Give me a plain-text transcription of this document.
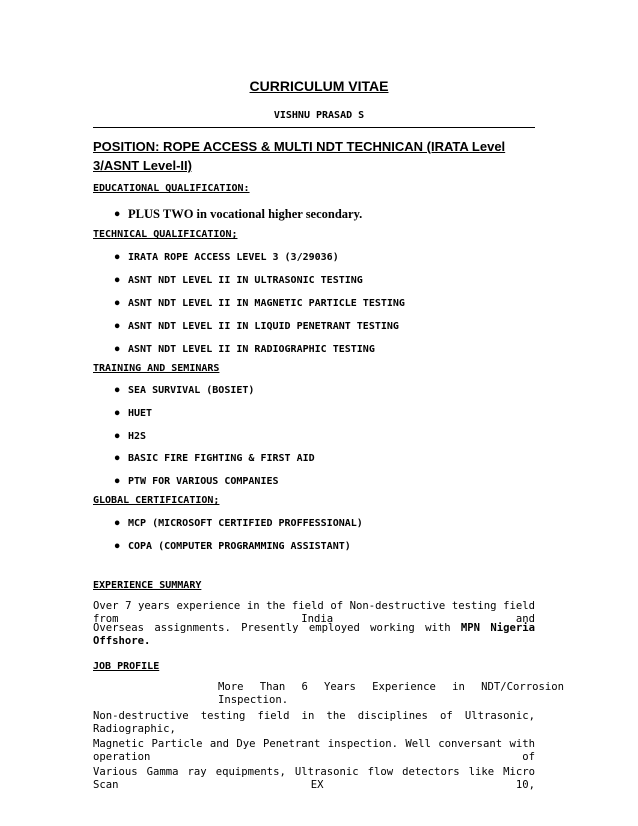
CURRICULUM VITAE
VISHNU PRASAD S
POSITION: ROPE ACCESS & MULTI NDT TECHNICAN (IRATA Level
3/ASNT Level-II)
EDUCATIONAL QUALIFICATION:
• PLUS TWO in vocational higher secondary.
TECHNICAL QUALIFICATION;
• IRATA ROPE ACCESS LEVEL 3 (3/29036)
• ASNT NDT LEVEL II IN ULTRASONIC TESTING
• ASNT NDT LEVEL II IN MAGNETIC PARTICLE TESTING
• ASNT NDT LEVEL II IN LIQUID PENETRANT TESTING
• ASNT NDT LEVEL II IN RADIOGRAPHIC TESTING
TRAINING AND SEMINARS
• SEA SURVIVAL (BOSIET)
• HUET
• H2S
• BASIC FIRE FIGHTING & FIRST AID
• PTW FOR VARIOUS COMPANIES
GLOBAL CERTIFICATION;
• MCP (MICROSOFT CERTIFIED PROFFESSIONAL)
• COPA (COMPUTER PROGRAMMING ASSISTANT)
EXPERIENCE SUMMARY
Over 7 years experience in the field of Non-destructive testing field from India and
Overseas assignments. Presently employed working with MPN Nigeria Offshore.
JOB PROFILE
More Than 6 Years Experience in NDT/Corrosion Inspection.
Non-destructive testing field in the disciplines of Ultrasonic, Radiographic,
Magnetic Particle and Dye Penetrant inspection. Well conversant with operation of
Various Gamma ray equipments, Ultrasonic flow detectors like Micro Scan EX 10,
